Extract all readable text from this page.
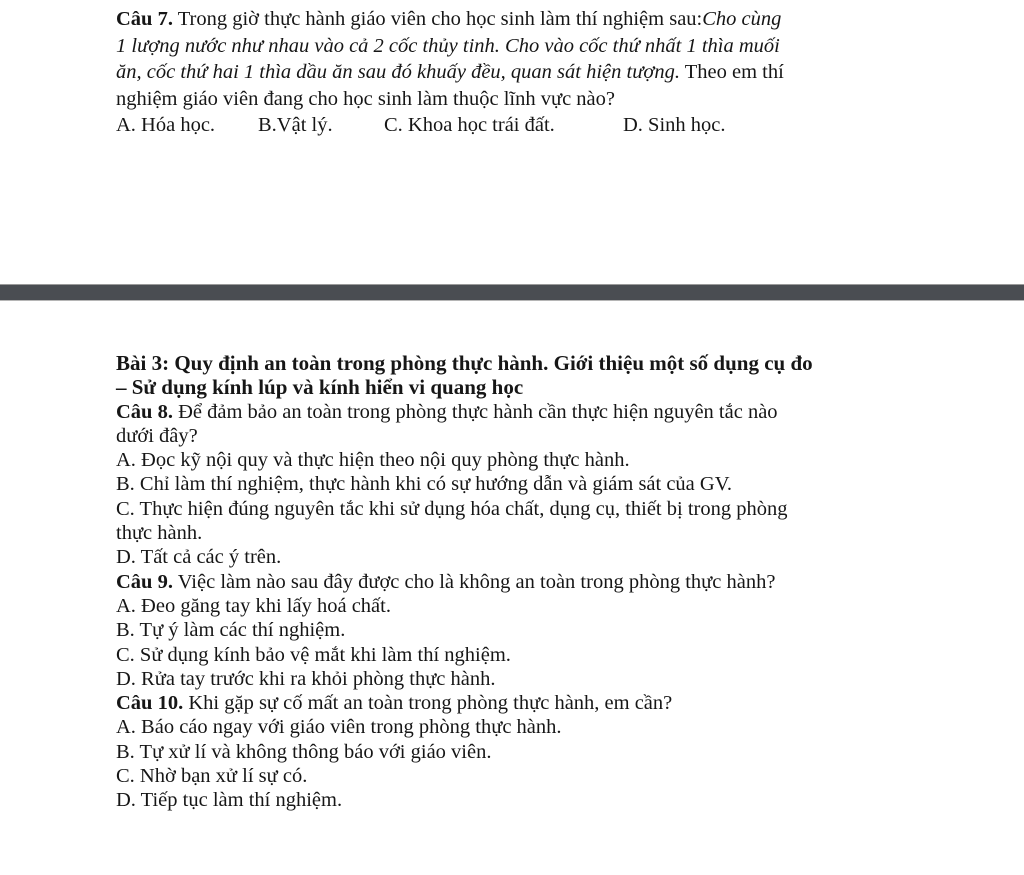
Câu 7. Trong giờ thực hành giáo viên cho học sinh làm thí nghiệm sau:Cho cùng

1 lượng nước như nhau vào cả 2 cốc thủy tinh. Cho vào cốc thứ nhất 1 thìa muối

ăn, cốc thứ hai 1 thìa dầu ăn sau đó khuấy đều, quan sát hiện tượng. Theo em thí

nghiệm giáo viên đang cho học sinh làm thuộc lĩnh vực nào?

A. Hóa học. B.Vật lý.	C. Khoa học trái đất.	D. Sinh học.

Bài 3: Quy định an toàn trong phòng thực hành. Giới thiệu một số dụng cụ đo

– Sử dụng kính lúp và kính hiển vi quang học

Câu 8. Để đảm bảo an toàn trong phòng thực hành cần thực hiện nguyên tắc nào

dưới đây?

A. Đọc kỹ nội quy và thực hiện theo nội quy phòng thực hành.

B. Chỉ làm thí nghiệm, thực hành khi có sự hướng dẫn và giám sát của GV.

C. Thực hiện đúng nguyên tắc khi sử dụng hóa chất, dụng cụ, thiết bị trong phòng

thực hành.

D. Tất cả các ý trên.

Câu 9. Việc làm nào sau đây được cho là không an toàn trong phòng thực hành?

A. Đeo găng tay khi lấy hoá chất.

B. Tự ý làm các thí nghiệm.

C. Sử dụng kính bảo vệ mắt khi làm thí nghiệm.

D. Rửa tay trước khi ra khỏi phòng thực hành.

Câu 10. Khi gặp sự cố mất an toàn trong phòng thực hành, em cần?

A. Báo cáo ngay với giáo viên trong phòng thực hành.

B. Tự xử lí và không thông báo với giáo viên.

C. Nhờ bạn xử lí sự có.

D. Tiếp tục làm thí nghiệm.
